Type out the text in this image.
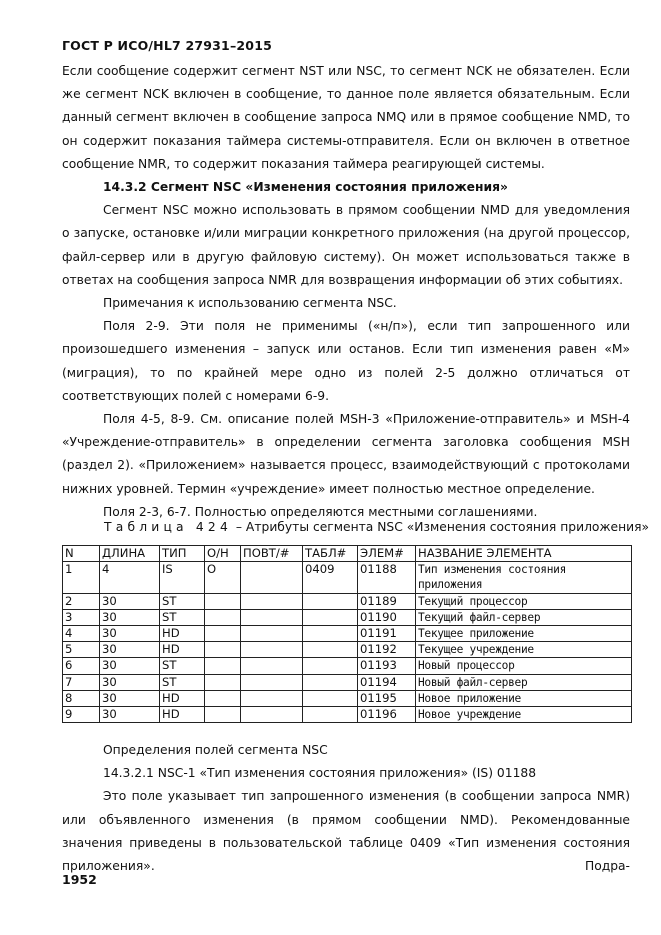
ГОСТ Р ИСО/HL7 27931–2015

Если сообщение содержит сегмент NST или NSC, то сегмент NCK не обязателен. Если же сегмент NCK включен в сообщение, то данное поле является обязательным. Если данный сегмент включен в сообщение запроса NMQ или в прямое сообщение NMD, то он содержит показания таймера системы-отправителя. Если он включен в ответное сообщение NMR, то содержит показания таймера реагирующей системы.

14.3.2 Сегмент NSC «Изменения состояния приложения»

Сегмент NSC можно использовать в прямом сообщении NMD для уведомления о запуске, остановке и/или миграции конкретного приложения (на другой процессор, файл-сервер или в другую файловую систему). Он может использоваться также в ответах на сообщения запроса NMR для возвращения информации об этих событиях.

Примечания к использованию сегмента NSC.

Поля 2-9. Эти поля не применимы («н/п»), если тип запрошенного или произошедшего изменения – запуск или останов. Если тип изменения равен «M» (миграция), то по крайней мере одно из полей 2-5 должно отличаться от соответствующих полей с номерами 6-9.

Поля 4-5, 8-9. См. описание полей MSH-3 «Приложение-отправитель» и MSH-4 «Учреждение-отправитель» в определении сегмента заголовка сообщения MSH (раздел 2). «Приложением» называется процесс, взаимодействующий с протоколами нижних уровней. Термин «учреждение» имеет полностью местное определение.

Поля 2-3, 6-7. Полностью определяются местными соглашениями.

Таблица 424 – Атрибуты сегмента NSC «Изменения состояния приложения»
N	ДЛИНА	ТИП	О/Н	ПОВТ/#	ТАБЛ#	ЭЛЕМ#	НАЗВАНИЕ ЭЛЕМЕНТА
1	4	IS	O		0409	01188	Тип изменения состояния приложения
2	30	ST				01189	Текущий процессор
3	30	ST				01190	Текущий файл-сервер
4	30	HD				01191	Текущее приложение
5	30	HD				01192	Текущее учреждение
6	30	ST				01193	Новый процессор
7	30	ST				01194	Новый файл-сервер
8	30	HD				01195	Новое приложение
9	30	HD				01196	Новое учреждение

Определения полей сегмента NSC

14.3.2.1 NSC-1 «Тип изменения состояния приложения» (IS) 01188

Это поле указывает тип запрошенного изменения (в сообщении запроса NMR) или объявленного изменения (в прямом сообщении NMD). Рекомендованные значения приведены в пользовательской таблице 0409 «Тип изменения состояния приложения». Подра-

1952
